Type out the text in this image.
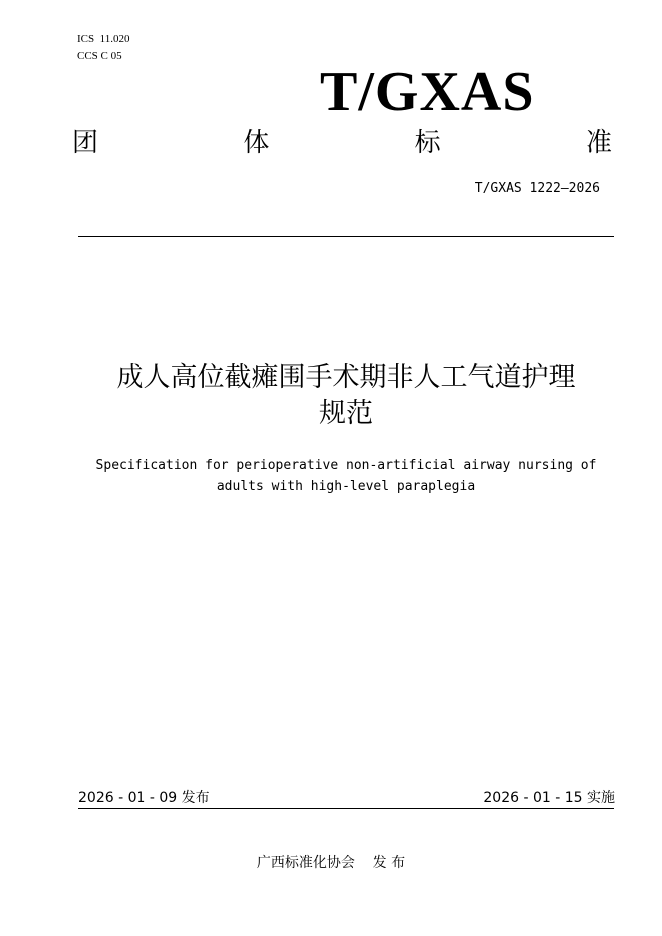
ICS  11.020
CCS C 05
T/GXAS
团	体	标	准
T/GXAS 1222—2026
成人高位截瘫围手术期非人工气道护理
规范
Specification for perioperative non-artificial airway nursing of
adults with high-level paraplegia
2026 - 01 - 09 发布	2026 - 01 - 15 实施
广西标准化协会    发 布
